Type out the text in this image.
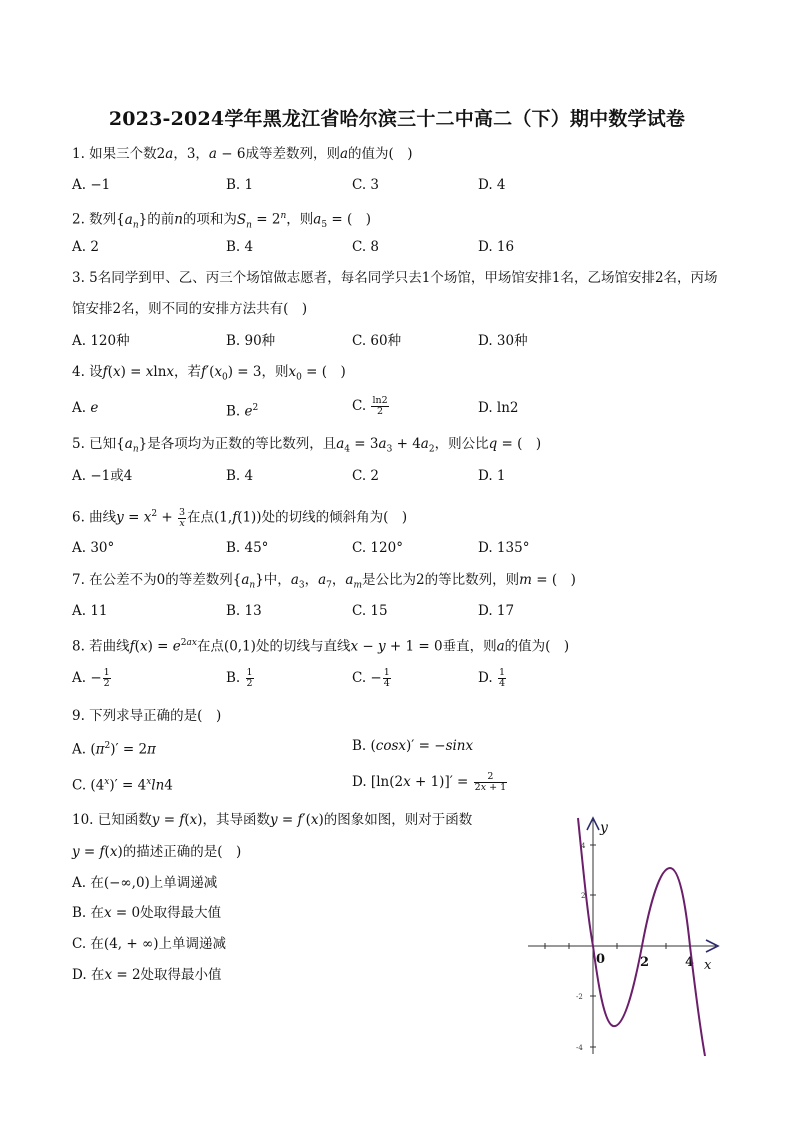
2023-2024学年黑龙江省哈尔滨三十二中高二（下）期中数学试卷
1. 如果三个数2a，3，a − 6成等差数列，则a的值为(　)
A. −1	B. 1	C. 3	D. 4
2. 数列$\{a_n\}$的前n的项和为$S_n = 2^n$，则$a_5$ = (　)
A. 2	B. 4	C. 8	D. 16
3. 5名同学到甲、乙、丙三个场馆做志愿者，每名同学只去1个场馆，甲场馆安排1名，乙场馆安排2名，丙场馆安排2名，则不同的安排方法共有(　)
A. 120种	B. 90种	C. 60种	D. 30种
4. 设f(x) = xlnx，若$f'(x_0) = 3$，则$x_0$ = (　)
A. e	B. $e^2$	C. $\frac{\ln 2}{2}$	D. ln2
5. 已知$\{a_n\}$是各项均为正数的等比数列，且$a_4 = 3a_3 + 4a_2$，则公比q = (　)
A. −1或4	B. 4	C. 2	D. 1
6. 曲线$y = x^2 + \frac{3}{x}$ 在点(1,f(1))处的切线的倾斜角为(　)
A. 30°	B. 45°	C. 120°	D. 135°
7. 在公差不为0的等差数列$\{a_n\}$中，$a_3$，$a_7$，$a_m$是公比为2的等比数列，则m = (　)
A. 11	B. 13	C. 15	D. 17
8. 若曲线$f(x) = e^{2ax}$在点(0,1)处的切线与直线x − y + 1 = 0垂直，则a的值为(　)
A. − $\frac{1}{2}$	B. $\frac{1}{2}$	C. − $\frac{1}{4}$	D. $\frac{1}{4}$
9. 下列求导正确的是(　)
A. $(\pi^2)' = 2\pi$	B. (cosx)′ = −sinx
C. $(4^x)' = 4^x\ln 4$	D. $[\ln(2x + 1)]' = \frac{2}{2x + 1}$
10. 已知函数y = f(x)，其导函数y = f′(x)的图象如图，则对于函数
y = f(x)的描述正确的是(　)
A. 在(−∞,0)上单调递减
B. 在x = 0处取得最大值
C. 在(4, + ∞)上单调递减
D. 在x = 2处取得最小值
y
x
0	2	4
4
2
-2
-4
